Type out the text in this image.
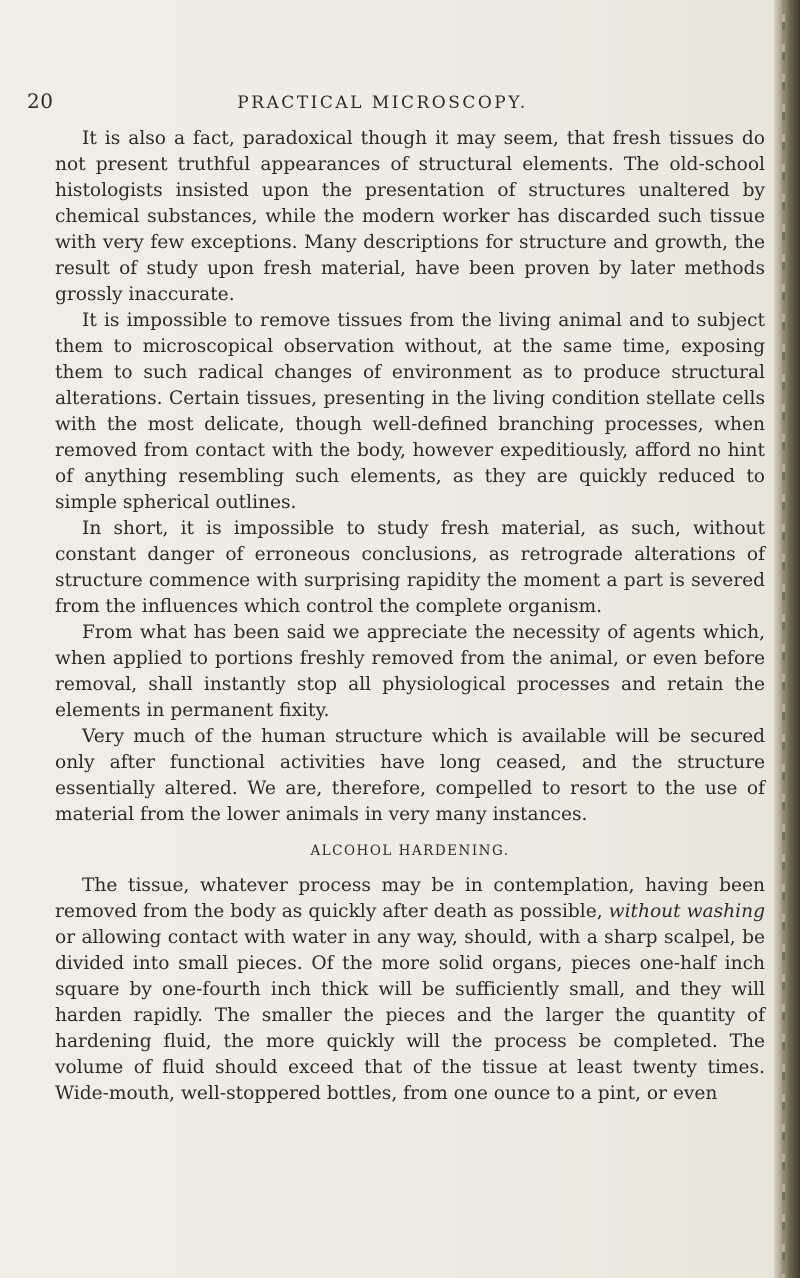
20	PRACTICAL MICROSCOPY.

It is also a fact, paradoxical though it may seem, that fresh tissues do not present truthful appearances of structural elements. The old-school histologists insisted upon the presentation of structures unaltered by chemical substances, while the modern worker has discarded such tissue with very few exceptions. Many descriptions for structure and growth, the result of study upon fresh material, have been proven by later methods grossly inaccurate.

It is impossible to remove tissues from the living animal and to subject them to microscopical observation without, at the same time, exposing them to such radical changes of environment as to produce structural alterations. Certain tissues, presenting in the living condition stellate cells with the most delicate, though well-defined branching processes, when removed from contact with the body, however expeditiously, afford no hint of anything resembling such elements, as they are quickly reduced to simple spherical outlines.

In short, it is impossible to study fresh material, as such, without constant danger of erroneous conclusions, as retrograde alterations of structure commence with surprising rapidity the moment a part is severed from the influences which control the complete organism.

From what has been said we appreciate the necessity of agents which, when applied to portions freshly removed from the animal, or even before removal, shall instantly stop all physiological processes and retain the elements in permanent fixity.

Very much of the human structure which is available will be secured only after functional activities have long ceased, and the structure essentially altered. We are, therefore, compelled to resort to the use of material from the lower animals in very many instances.

ALCOHOL HARDENING.

The tissue, whatever process may be in contemplation, having been removed from the body as quickly after death as possible, without washing or allowing contact with water in any way, should, with a sharp scalpel, be divided into small pieces. Of the more solid organs, pieces one-half inch square by one-fourth inch thick will be sufficiently small, and they will harden rapidly. The smaller the pieces and the larger the quantity of hardening fluid, the more quickly will the process be completed. The volume of fluid should exceed that of the tissue at least twenty times. Wide-mouth, well-stoppered bottles, from one ounce to a pint, or even
